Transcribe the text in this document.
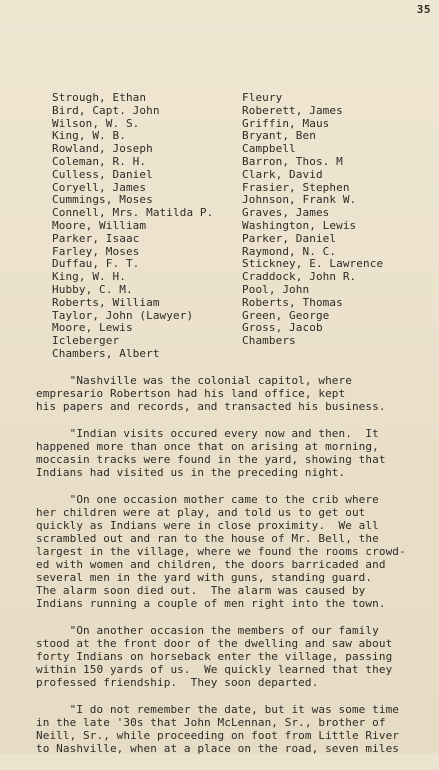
35
Strough, Ethan
Bird, Capt. John
Wilson, W. S.
King, W. B.
Rowland, Joseph
Coleman, R. H.
Culless, Daniel
Coryell, James
Cummings, Moses
Connell, Mrs. Matilda P.
Moore, William
Parker, Isaac
Farley, Moses
Duffau, F. T.
King, W. H.
Hubby, C. M.
Roberts, William
Taylor, John (Lawyer)
Moore, Lewis
Icleberger
Chambers, Albert
Fleury
Roberett, James
Griffin, Maus
Bryant, Ben
Campbell
Barron, Thos. M
Clark, David
Frasier, Stephen
Johnson, Frank W.
Graves, James
Washington, Lewis
Parker, Daniel
Raymond, N. C.
Stickney, E. Lawrence
Craddock, John R.
Pool, John
Roberts, Thomas
Green, George
Gross, Jacob
Chambers
"Nashville was the colonial capitol, where
empresario Robertson had his land office, kept
his papers and records, and transacted his business.
"Indian visits occured every now and then.  It
happened more than once that on arising at morning,
moccasin tracks were found in the yard, showing that
Indians had visited us in the preceding night.
"On one occasion mother came to the crib where
her children were at play, and told us to get out
quickly as Indians were in close proximity.  We all
scrambled out and ran to the house of Mr. Bell, the
largest in the village, where we found the rooms crowd-
ed with women and children, the doors barricaded and
several men in the yard with guns, standing guard.
The alarm soon died out.  The alarm was caused by
Indians running a couple of men right into the town.
"On another occasion the members of our family
stood at the front door of the dwelling and saw about
forty Indians on horseback enter the village, passing
within 150 yards of us.  We quickly learned that they
professed friendship.  They soon departed.
"I do not remember the date, but it was some time
in the late '30s that John McLennan, Sr., brother of
Neill, Sr., while proceeding on foot from Little River
to Nashville, when at a place on the road, seven miles
